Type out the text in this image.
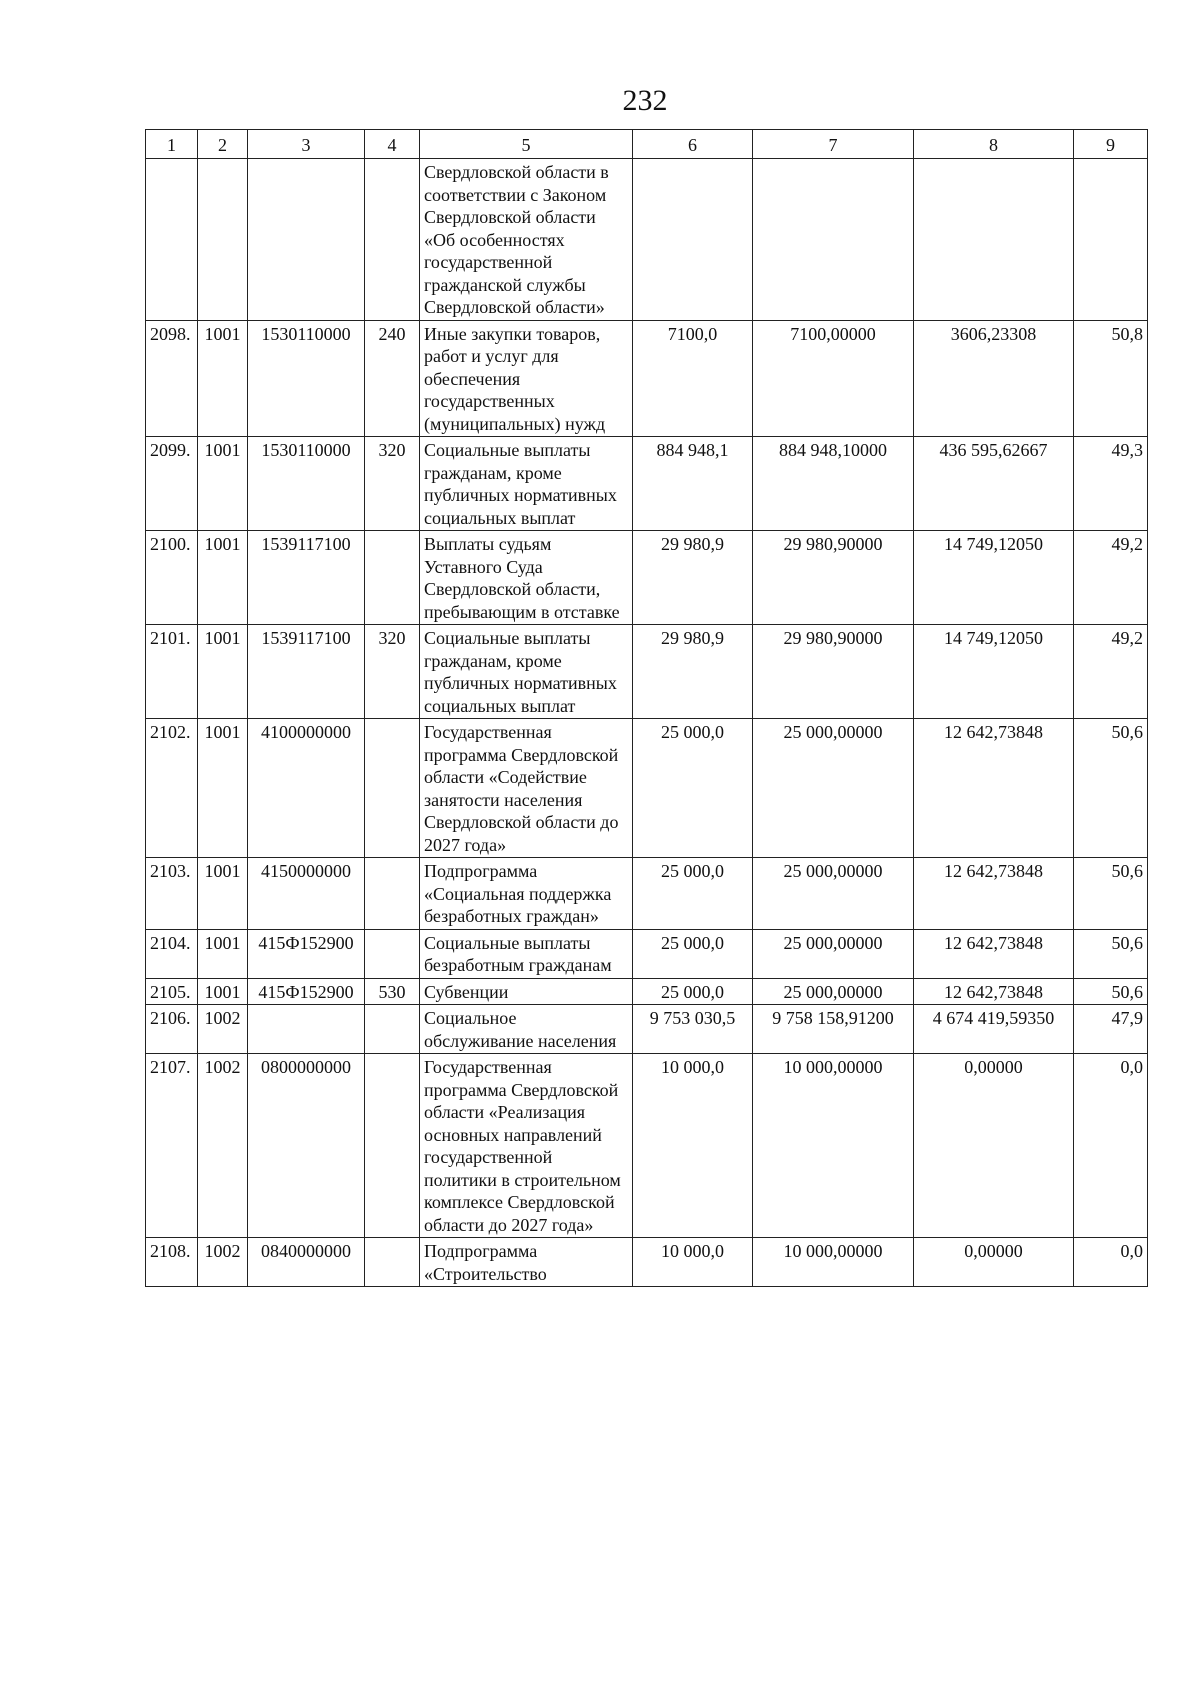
232
1	2	3	4	5	6	7	8	9
				Свердловской области в соответствии с Законом Свердловской области «Об особенностях государственной гражданской службы Свердловской области»				
2098.	1001	1530110000	240	Иные закупки товаров, работ и услуг для обеспечения государственных (муниципальных) нужд	7100,0	7100,00000	3606,23308	50,8
2099.	1001	1530110000	320	Социальные выплаты гражданам, кроме публичных нормативных социальных выплат	884 948,1	884 948,10000	436 595,62667	49,3
2100.	1001	1539117100		Выплаты судьям Уставного Суда Свердловской области, пребывающим в отставке	29 980,9	29 980,90000	14 749,12050	49,2
2101.	1001	1539117100	320	Социальные выплаты гражданам, кроме публичных нормативных социальных выплат	29 980,9	29 980,90000	14 749,12050	49,2
2102.	1001	4100000000		Государственная программа Свердловской области «Содействие занятости населения Свердловской области до 2027 года»	25 000,0	25 000,00000	12 642,73848	50,6
2103.	1001	4150000000		Подпрограмма «Социальная поддержка безработных граждан»	25 000,0	25 000,00000	12 642,73848	50,6
2104.	1001	415Ф152900		Социальные выплаты безработным гражданам	25 000,0	25 000,00000	12 642,73848	50,6
2105.	1001	415Ф152900	530	Субвенции	25 000,0	25 000,00000	12 642,73848	50,6
2106.	1002			Социальное обслуживание населения	9 753 030,5	9 758 158,91200	4 674 419,59350	47,9
2107.	1002	0800000000		Государственная программа Свердловской области «Реализация основных направлений государственной политики в строительном комплексе Свердловской области до 2027 года»	10 000,0	10 000,00000	0,00000	0,0
2108.	1002	0840000000		Подпрограмма «Строительство	10 000,0	10 000,00000	0,00000	0,0
